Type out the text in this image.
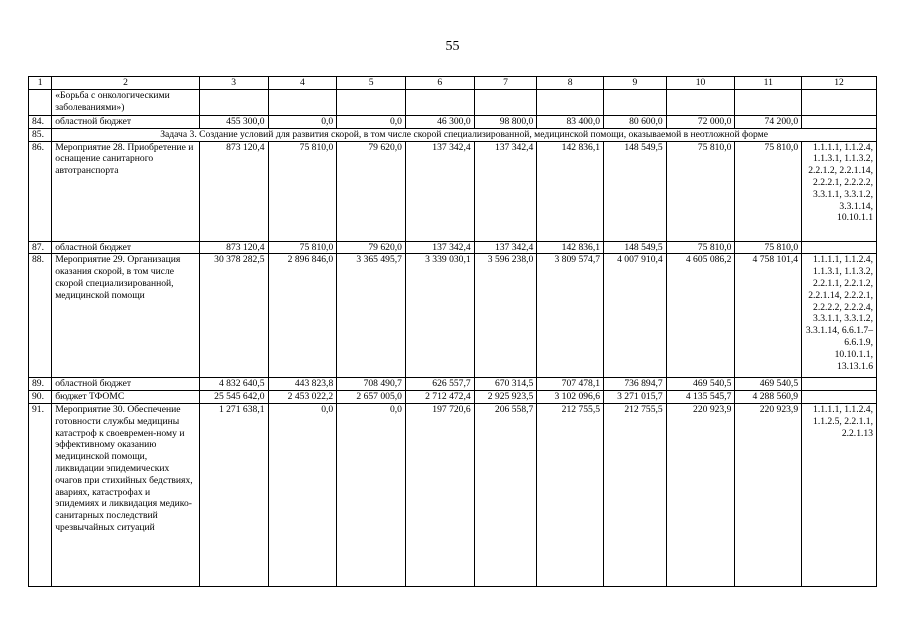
55
1	2	3	4	5	6	7	8	9	10	11	12
	«Борьба с онкологическими заболеваниями»)										
84.	областной бюджет	455 300,0	0,0	0,0	46 300,0	98 800,0	83 400,0	80 600,0	72 000,0	74 200,0	
85.	Задача 3. Создание условий для развития скорой, в том числе скорой специализированной, медицинской помощи, оказываемой в неотложной форме										
86.	Мероприятие 28. Приобретение и оснащение санитарного автотранспорта	873 120,4	75 810,0	79 620,0	137 342,4	137 342,4	142 836,1	148 549,5	75 810,0	75 810,0	1.1.1.1, 1.1.2.4, 1.1.3.1, 1.1.3.2, 2.2.1.2, 2.2.1.14, 2.2.2.1, 2.2.2.2, 3.3.1.1, 3.3.1.2, 3.3.1.14, 10.10.1.1
87.	областной бюджет	873 120,4	75 810,0	79 620,0	137 342,4	137 342,4	142 836,1	148 549,5	75 810,0	75 810,0	
88.	Мероприятие 29. Организация оказания скорой, в том числе скорой специализированной, медицинской помощи	30 378 282,5	2 896 846,0	3 365 495,7	3 339 030,1	3 596 238,0	3 809 574,7	4 007 910,4	4 605 086,2	4 758 101,4	1.1.1.1, 1.1.2.4, 1.1.3.1, 1.1.3.2, 2.2.1.1, 2.2.1.2, 2.2.1.14, 2.2.2.1, 2.2.2.2, 2.2.2.4, 3.3.1.1, 3.3.1.2, 3.3.1.14, 6.6.1.7–6.6.1.9, 10.10.1.1, 13.13.1.6
89.	областной бюджет	4 832 640,5	443 823,8	708 490,7	626 557,7	670 314,5	707 478,1	736 894,7	469 540,5	469 540,5	
90.	бюджет ТФОМС	25 545 642,0	2 453 022,2	2 657 005,0	2 712 472,4	2 925 923,5	3 102 096,6	3 271 015,7	4 135 545,7	4 288 560,9	
91.	Мероприятие 30. Обеспечение готовности службы медицины катастроф к своевремен-ному и эффективному оказанию медицинской помощи, ликвидации эпидемических очагов при стихийных бедствиях, авариях, катастрофах и эпидемиях и ликвидация медико-санитарных последствий чрезвычайных ситуаций	1 271 638,1	0,0	0,0	197 720,6	206 558,7	212 755,5	212 755,5	220 923,9	220 923,9	1.1.1.1, 1.1.2.4, 1.1.2.5, 2.2.1.1, 2.2.1.13
